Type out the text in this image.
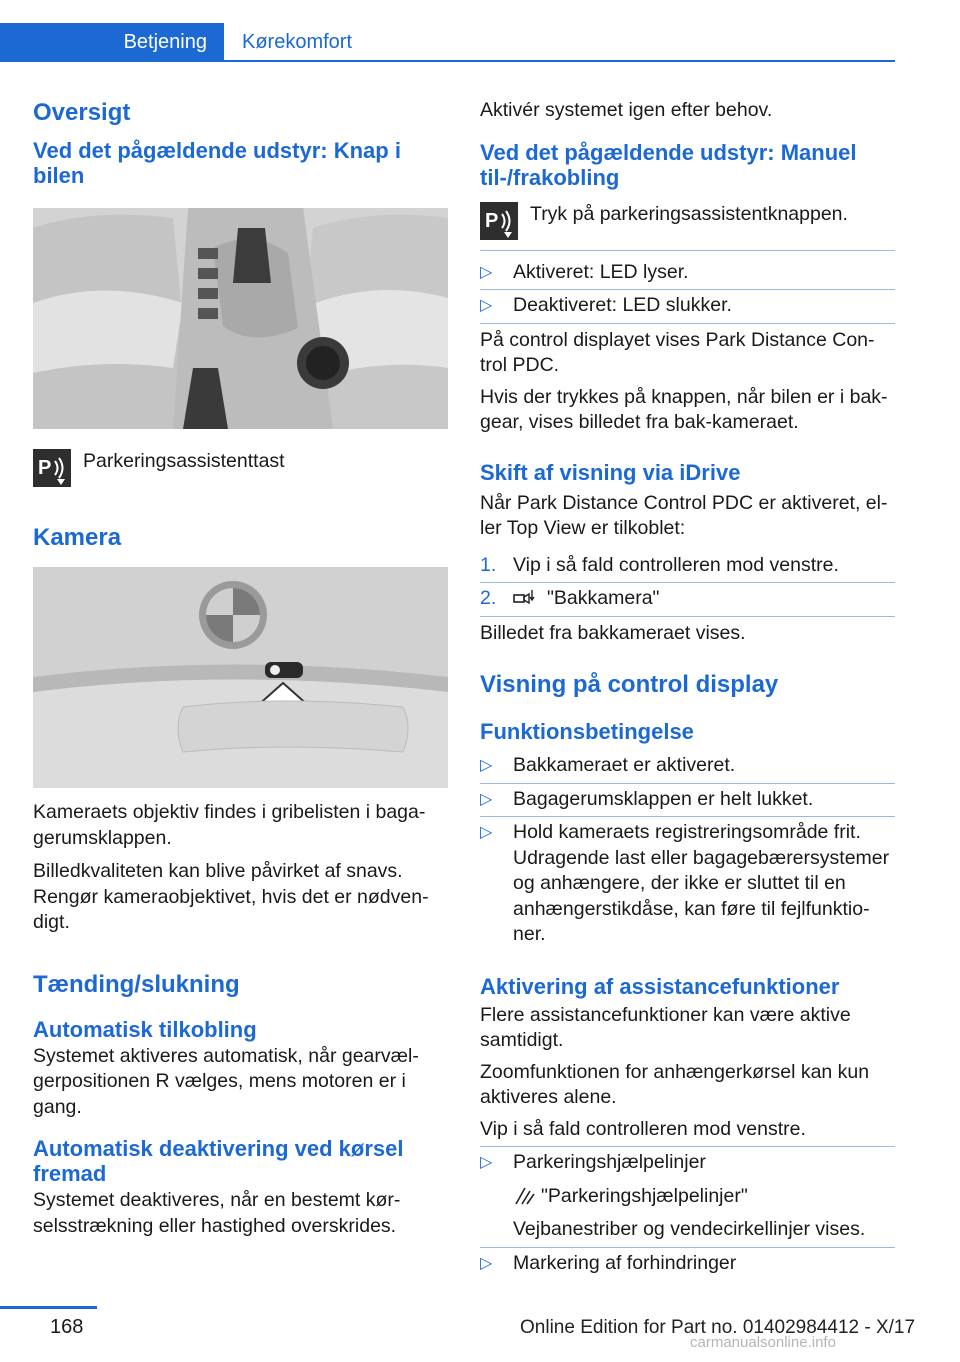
Betjening	Kørekomfort
Oversigt
Ved det pågældende udstyr: Knap i bilen
P Parkeringsassistenttast

Kamera

Kameraets objektiv findes i gribelisten i bagagerumsklappen.

Billedkvaliteten kan blive påvirket af snavs. Rengør kameraobjektivet, hvis det er nødvendigt.

Tænding/slukning
Automatisk tilkobling

Systemet aktiveres automatisk, når gearvælgerpositionen R vælges, mens motoren er i gang.

Automatisk deaktivering ved kørsel fremad

Systemet deaktiveres, når en bestemt kørselsstrækning eller hastighed overskrides.

Aktivér systemet igen efter behov.

Ved det pågældende udstyr: Manuel til-/frakobling
P Tryk på parkeringsassistentknappen.

▷ Aktiveret: LED lyser.
▷ Deaktiveret: LED slukker.

På control displayet vises Park Distance Control PDC.

Hvis der trykkes på knappen, når bilen er i bakgear, vises billedet fra bak-kameraet.

Skift af visning via iDrive

Når Park Distance Control PDC er aktiveret, eller Top View er tilkoblet:

1. Vip i så fald controlleren mod venstre.
2.	"Bakkamera"

Billedet fra bakkameraet vises.

Visning på control display
Funktionsbetingelse
▷ Bakkameraet er aktiveret.
▷ Bagagerumsklappen er helt lukket.
▷ Hold kameraets registreringsområde frit. Udragende last eller bagagebærersystemer og anhængere, der ikke er sluttet til en anhængerstikdåse, kan føre til fejlfunktioner.
Aktivering af assistancefunktioner

Flere assistancefunktioner kan være aktive samtidigt.

Zoomfunktionen for anhængerkørsel kan kun aktiveres alene.

Vip i så fald controlleren mod venstre.

▷ Parkeringshjælpelinjer
"Parkeringshjælpelinjer"
Vejbanestriber og vendecirkellinjer vises.
▷ Markering af forhindringer
168	Online Edition for Part no. 01402984412 - X/17
carmanualsonline.info
